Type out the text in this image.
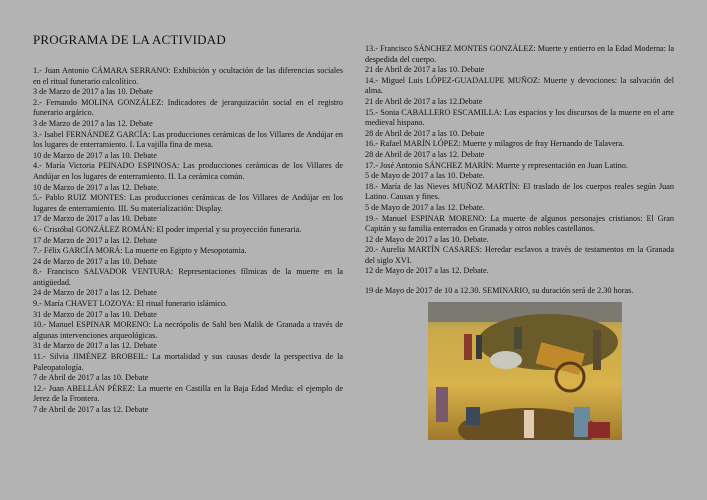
PROGRAMA DE LA ACTIVIDAD

1.- Juan Antonio CÁMARA SERRANO: Exhibición y ocultación de las diferencias sociales en el ritual funerario calcolítico.

3 de Marzo de 2017 a las 10. Debate

2.- Fernando MOLINA GONZÁLEZ: Indicadores de jerarquización social en el registro funerario argárico.

3 de Marzo de 2017 a las 12. Debate

3.- Isabel FERNÁNDEZ GARCÍA: Las producciones cerámicas de los Villares de Andújar en los lugares de enterramiento. I. La vajilla fina de mesa.

10 de Marzo de 2017 a las 10. Debate

4.- María Victoria PEINADO ESPINOSA: Las producciones cerámicas de los Villares de Andújar en los lugares de enterramiento. II. La cerámica común.

10 de Marzo de 2017 a las 12. Debate.

5.- Pablo RUIZ MONTES: Las producciones cerámicas de los Villares de Andújar en los lugares de enterramiento. III. Su materialización: Display.

17 de Marzo de 2017 a las 10. Debate

6.- Cristóbal GONZÁLEZ ROMÁN: El poder imperial y su proyección funeraria.

17 de Marzo de 2017 a las 12. Debate

7.- Félix GARCÍA MORÁ: La muerte en Egipto y Mesopotamia.

24 de Marzo de 2017 a las 10. Debate

8.- Francisco SALVADOR VENTURA: Representaciones fílmicas de la muerte en la antigüedad.

24 de Marzo de 2017 a las 12. Debate

9.- María CHAVET LOZOYA: El ritual funerario islámico.

31 de Marzo de 2017 a las 10. Debate

10.- Manuel ESPINAR MORENO: La necrópolis de Sahl ben Malik de Granada a través de algunas intervenciones arqueológicas.

31 de Marzo de 2017 a las 12. Debate

11.- Silvia JIMÉNEZ BROBEIL: La mortalidad y sus causas desde la perspectiva de la Paleopatología.

7 de Abril de 2017 a las 10. Debate

12.- Juan ABELLÁN PÉREZ: La muerte en Castilla en la Baja Edad Media: el ejemplo de Jerez de la Frontera.

7 de Abril de 2017 a las 12. Debate

13.- Francisco SÁNCHEZ MONTES GONZÁLEZ: Muerte y entierro en la Edad Moderna: la despedida del cuerpo.

21 de Abril de 2017 a las 10. Debate

14.- Miguel Luis LÓPEZ-GUADALUPE MUÑOZ: Muerte y devociones: la salvación del alma.

21 de Abril de 2017 a las 12.Debate

15.- Sonia CABALLERO ESCAMILLA: Los espacios y los discursos de la muerte en el arte medieval hispano.

28 de Abril de 2017 a las 10. Debate

16.- Rafael MARÍN LÓPEZ: Muerte y milagros de fray Hernando de Talavera.

28 de Abril de 2017 a las 12. Debate

17.- José Antonio SÁNCHEZ MARÍN: Muerte y representación en Juan Latino.

5 de Mayo de 2017 a las 10. Debate.

18.- María de las Nieves MUÑOZ MARTÍN: El traslado de los cuerpos reales según Juan Latino. Causas y fines.

5 de Mayo de 2017 a las 12. Debate.

19.- Manuel ESPINAR MORENO: La muerte de algunos personajes cristianos: El Gran Capitán y su familia enterrados en Granada y otros nobles castellanos.

12 de Mayo de 2017 a las 10. Debate.

20.- Aurelia MARTÍN CASARES: Heredar esclavos a través de testamentos en la Granada del siglo XVI.

12 de Mayo de 2017 a las 12. Debate.

19 de Mayo de 2017 de 10 a 12.30. SEMINARIO, su duración será de 2.30 horas.
